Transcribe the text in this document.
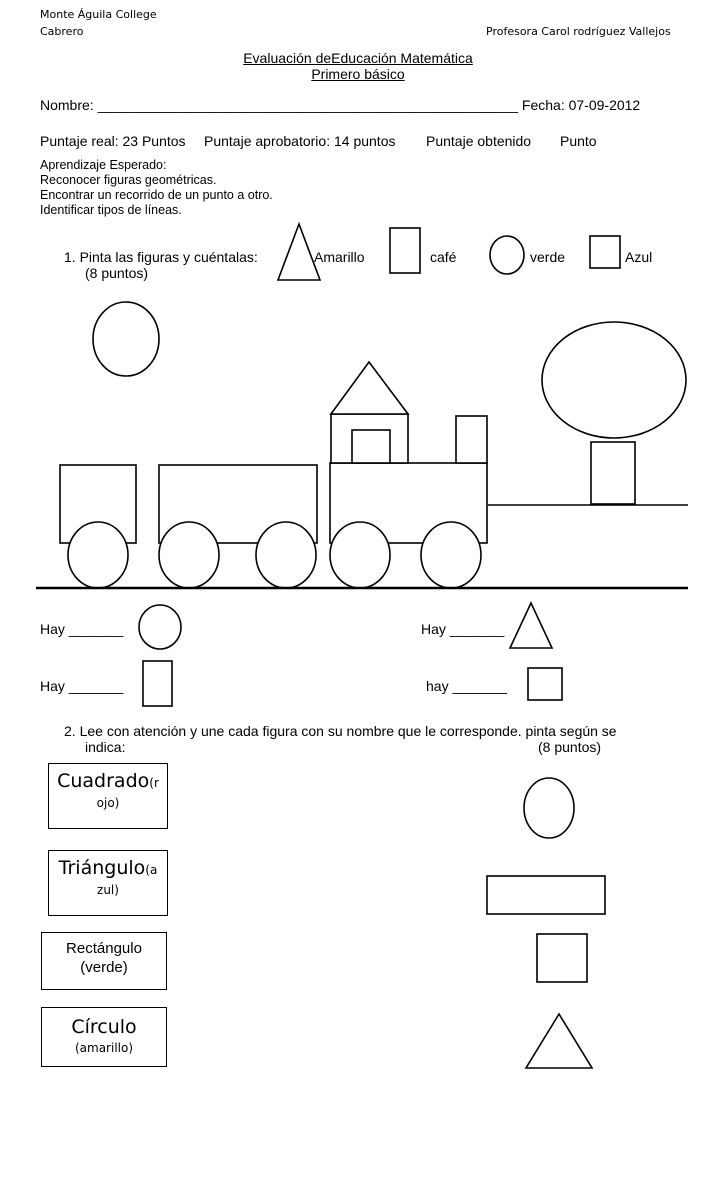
Monte Águila College
Cabrero	Profesora Carol rodríguez Vallejos
Evaluación deEducación Matemática
Primero básico
Nombre: ______________________________________________________ Fecha: 07-09-2012
Puntaje real: 23 Puntos Puntaje aprobatorio: 14 puntos Puntaje obtenido Punto
Aprendizaje Esperado:
Reconocer figuras geométricas.
Encontrar un recorrido de un punto a otro.
Identificar tipos de líneas.
1. Pinta las figuras y cuéntalas:
(8 puntos)
Amarillo	café	verde	Azul
Hay _______	Hay _______
Hay _______	hay _______
2. Lee con atención y une cada figura con su nombre que le corresponde. pinta según se
indica:	(8 puntos)
Cuadrado(r
ojo)
Triángulo(a
zul)
Rectángulo
(verde)
Círculo
(amarillo)
